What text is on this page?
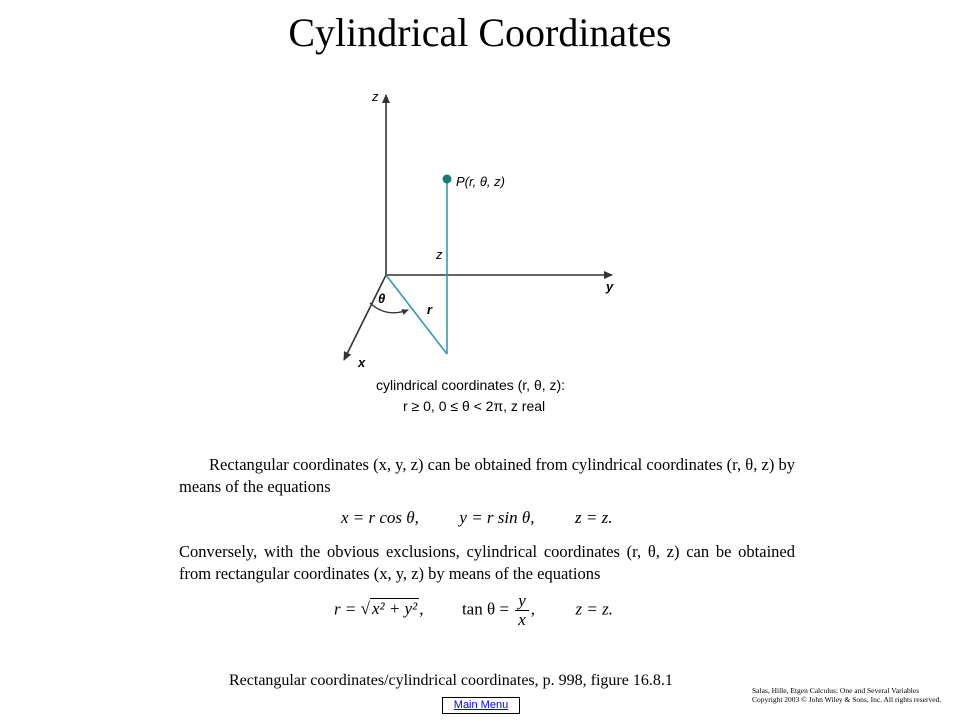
Cylindrical Coordinates
z
y
x
P(r, θ, z)
z
r
θ
cylindrical coordinates (r, θ, z):
r ≥ 0, 0 ≤ θ < 2π, z real
Rectangular coordinates (x, y, z) can be obtained from cylindrical coordinates (r, θ, z) by means of the equations
x = r cos θ, y = r sin θ, z = z.
Conversely, with the obvious exclusions, cylindrical coordinates (r, θ, z) can be obtained from rectangular coordinates (x, y, z) by means of the equations
r = √ x² + y² , $\tan \theta = \frac{y}{x}$ , z = z.
Rectangular coordinates/cylindrical coordinates, p. 998, figure 16.8.1
Salas, Hille, Etgen Calculus: One and Several Variables
Copyright 2003 © John Wiley & Sons, Inc. All rights reserved.
Main Menu
